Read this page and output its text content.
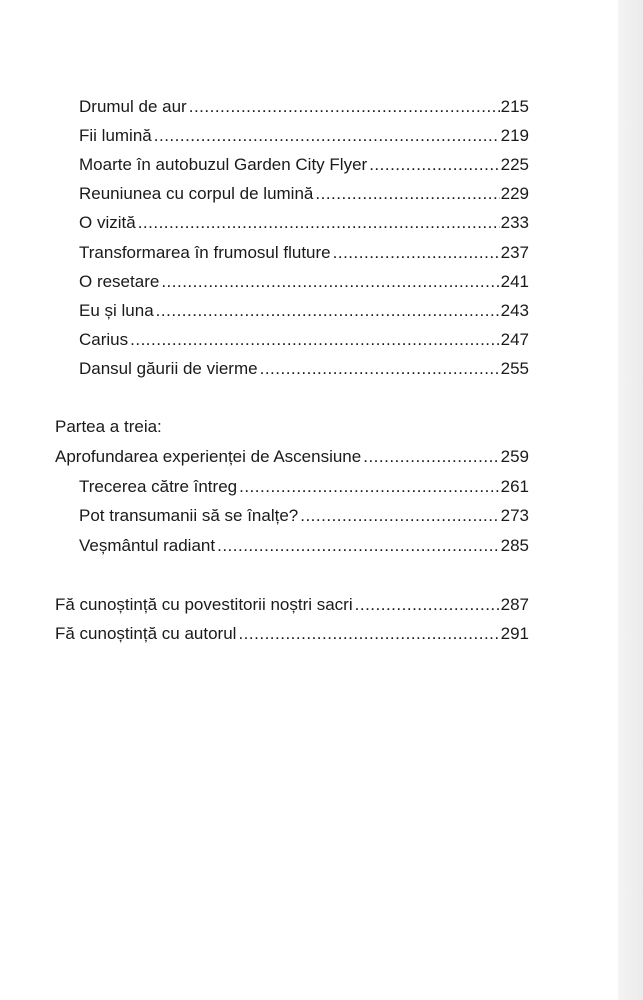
Drumul de aur .....	215
Fii lumină .....	219
Moarte în autobuzul Garden City Flyer .....	225
Reuniunea cu corpul de lumină .....	229
O vizită .....	233
Transformarea în frumosul fluture .....	237
O resetare .....	241
Eu și luna .....	243
Carius .....	247
Dansul găurii de vierme .....	255
Partea a treia:
Aprofundarea experienței de Ascensiune .....	259
Trecerea către întreg .....	261
Pot transumanii să se înalțe? .....	273
Veșmântul radiant .....	285
Fă cunoștință cu povestitorii noștri sacri .....	287
Fă cunoștință cu autorul .....	291
